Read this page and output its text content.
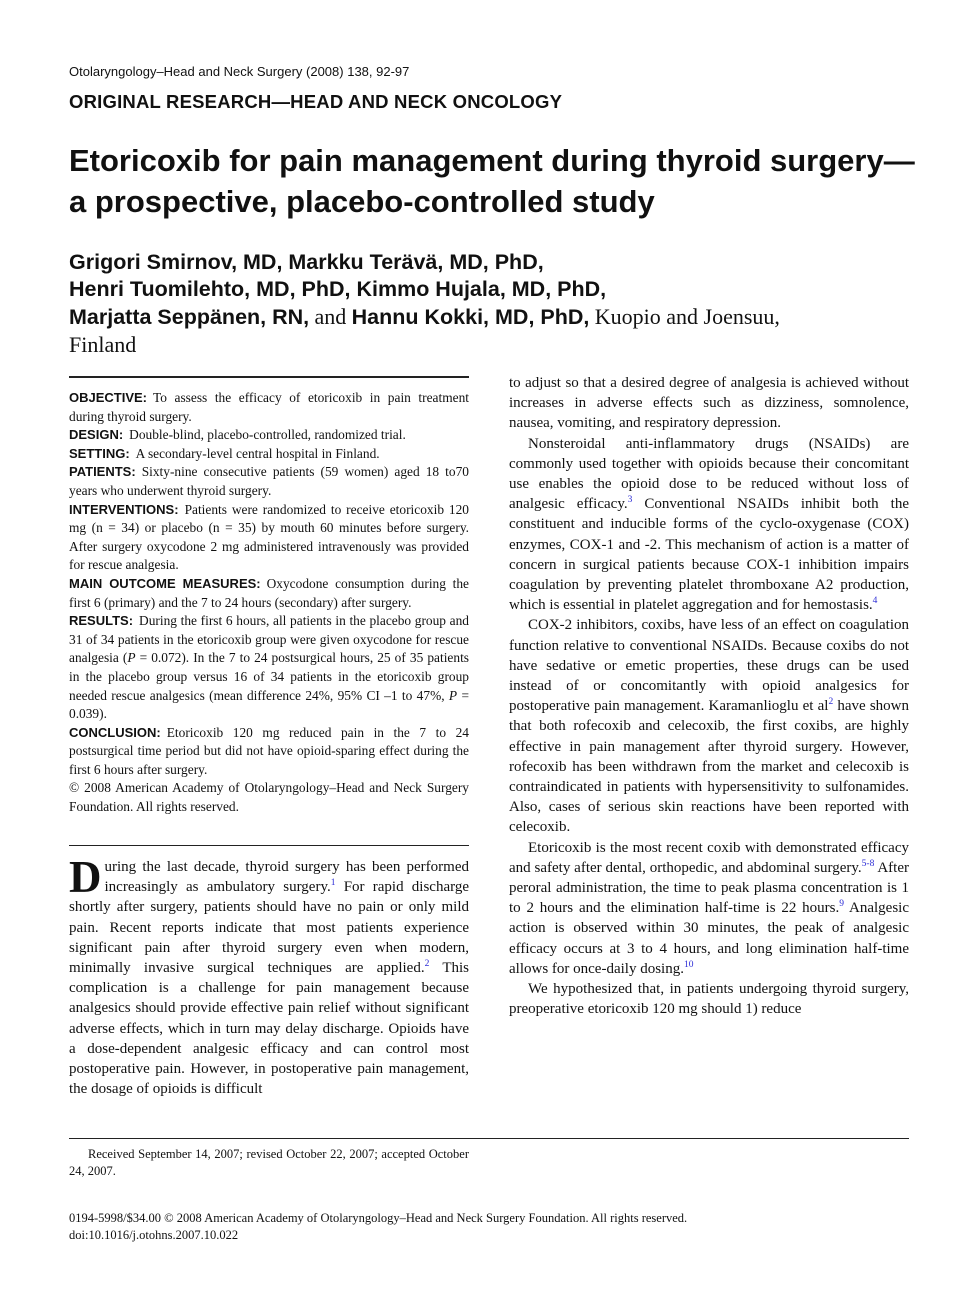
Otolaryngology–Head and Neck Surgery (2008) 138, 92-97
ORIGINAL RESEARCH—HEAD AND NECK ONCOLOGY
Etoricoxib for pain management during thyroid surgery—a prospective, placebo-controlled study
Grigori Smirnov, MD, Markku Terävä, MD, PhD,
Henri Tuomilehto, MD, PhD, Kimmo Hujala, MD, PhD,
Marjatta Seppänen, RN, and Hannu Kokki, MD, PhD, Kuopio and Joensuu,
Finland

OBJECTIVE: To assess the efficacy of etoricoxib in pain treatment during thyroid surgery.

DESIGN: Double-blind, placebo-controlled, randomized trial.

SETTING: A secondary-level central hospital in Finland.

PATIENTS: Sixty-nine consecutive patients (59 women) aged 18 to70 years who underwent thyroid surgery.

INTERVENTIONS: Patients were randomized to receive etoricoxib 120 mg (n = 34) or placebo (n = 35) by mouth 60 minutes before surgery. After surgery oxycodone 2 mg administered intravenously was provided for rescue analgesia.

MAIN OUTCOME MEASURES: Oxycodone consumption during the first 6 (primary) and the 7 to 24 hours (secondary) after surgery.

RESULTS: During the first 6 hours, all patients in the placebo group and 31 of 34 patients in the etoricoxib group were given oxycodone for rescue analgesia (P = 0.072). In the 7 to 24 postsurgical hours, 25 of 35 patients in the placebo group versus 16 of 34 patients in the etoricoxib group needed rescue analgesics (mean difference 24%, 95% CI –1 to 47%, P = 0.039).

CONCLUSION: Etoricoxib 120 mg reduced pain in the 7 to 24 postsurgical time period but did not have opioid-sparing effect during the first 6 hours after surgery.

© 2008 American Academy of Otolaryngology–Head and Neck Surgery Foundation. All rights reserved.

During the last decade, thyroid surgery has been performed increasingly as ambulatory surgery.$^1$ For rapid discharge shortly after surgery, patients should have no pain or only mild pain. Recent reports indicate that most patients experience significant pain after thyroid surgery even when modern, minimally invasive surgical techniques are applied.$^2$ This complication is a challenge for pain management because analgesics should provide effective pain relief without significant adverse effects, which in turn may delay discharge. Opioids have a dose-dependent analgesic efficacy and can control most postoperative pain. However, in postoperative pain management, the dosage of opioids is difficult

to adjust so that a desired degree of analgesia is achieved without increases in adverse effects such as dizziness, somnolence, nausea, vomiting, and respiratory depression.

Nonsteroidal anti-inflammatory drugs (NSAIDs) are commonly used together with opioids because their concomitant use enables the opioid dose to be reduced without loss of analgesic efficacy.$^3$ Conventional NSAIDs inhibit both the constituent and inducible forms of the cyclo-oxygenase (COX) enzymes, COX-1 and -2. This mechanism of action is a matter of concern in surgical patients because COX-1 inhibition impairs coagulation by preventing platelet thromboxane A2 production, which is essential in platelet aggregation and for hemostasis.$^4$

COX-2 inhibitors, coxibs, have less of an effect on coagulation function relative to conventional NSAIDs. Because coxibs do not have sedative or emetic properties, these drugs can be used instead of or concomitantly with opioid analgesics for postoperative pain management. Karamanlioglu et $al^2$ have shown that both rofecoxib and celecoxib, the first coxibs, are highly effective in pain management after thyroid surgery. However, rofecoxib has been withdrawn from the market and celecoxib is contraindicated in patients with hypersensitivity to sulfonamides. Also, cases of serious skin reactions have been reported with celecoxib.

Etoricoxib is the most recent coxib with demonstrated efficacy and safety after dental, orthopedic, and abdominal surgery.$^{5-8}$ After peroral administration, the time to peak plasma concentration is 1 to 2 hours and the elimination half-time is 22 hours.$^9$ Analgesic action is observed within 30 minutes, the peak of analgesic efficacy occurs at 3 to 4 hours, and long elimination half-time allows for once-daily dosing.$^{10}$

We hypothesized that, in patients undergoing thyroid surgery, preoperative etoricoxib 120 mg should 1) reduce

Received September 14, 2007; revised October 22, 2007; accepted October 24, 2007.
0194-5998/$34.00 © 2008 American Academy of Otolaryngology–Head and Neck Surgery Foundation. All rights reserved.
doi:10.1016/j.otohns.2007.10.022
